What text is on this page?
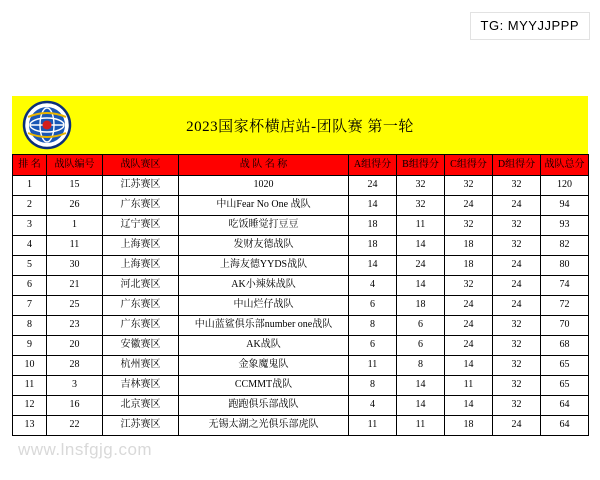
TG: MYYJJPPP
2023国家杯横店站-团队赛 第一轮
排 名	战队编号	战队赛区	战 队 名 称	A组得分	B组得分	C组得分	D组得分	战队总分
1	15	江苏赛区	1020	24	32	32	32	120
2	26	广东赛区	中山Fear No One 战队	14	32	24	24	94
3	1	辽宁赛区	吃饭睡觉打豆豆	18	11	32	32	93
4	11	上海赛区	发财友德战队	18	14	18	32	82
5	30	上海赛区	上海友德YYDS战队	14	24	18	24	80
6	21	河北赛区	AK小辣妹战队	4	14	32	24	74
7	25	广东赛区	中山烂仔战队	6	18	24	24	72
8	23	广东赛区	中山蓝鲨俱乐部number one战队	8	6	24	32	70
9	20	安徽赛区	AK战队	6	6	24	32	68
10	28	杭州赛区	金象魔鬼队	11	8	14	32	65
11	3	吉林赛区	CCMMT战队	8	14	11	32	65
12	16	北京赛区	跑跑俱乐部战队	4	14	14	32	64
13	22	江苏赛区	无锡太湖之光俱乐部虎队	11	11	18	24	64
www.lnsfgjg.com
